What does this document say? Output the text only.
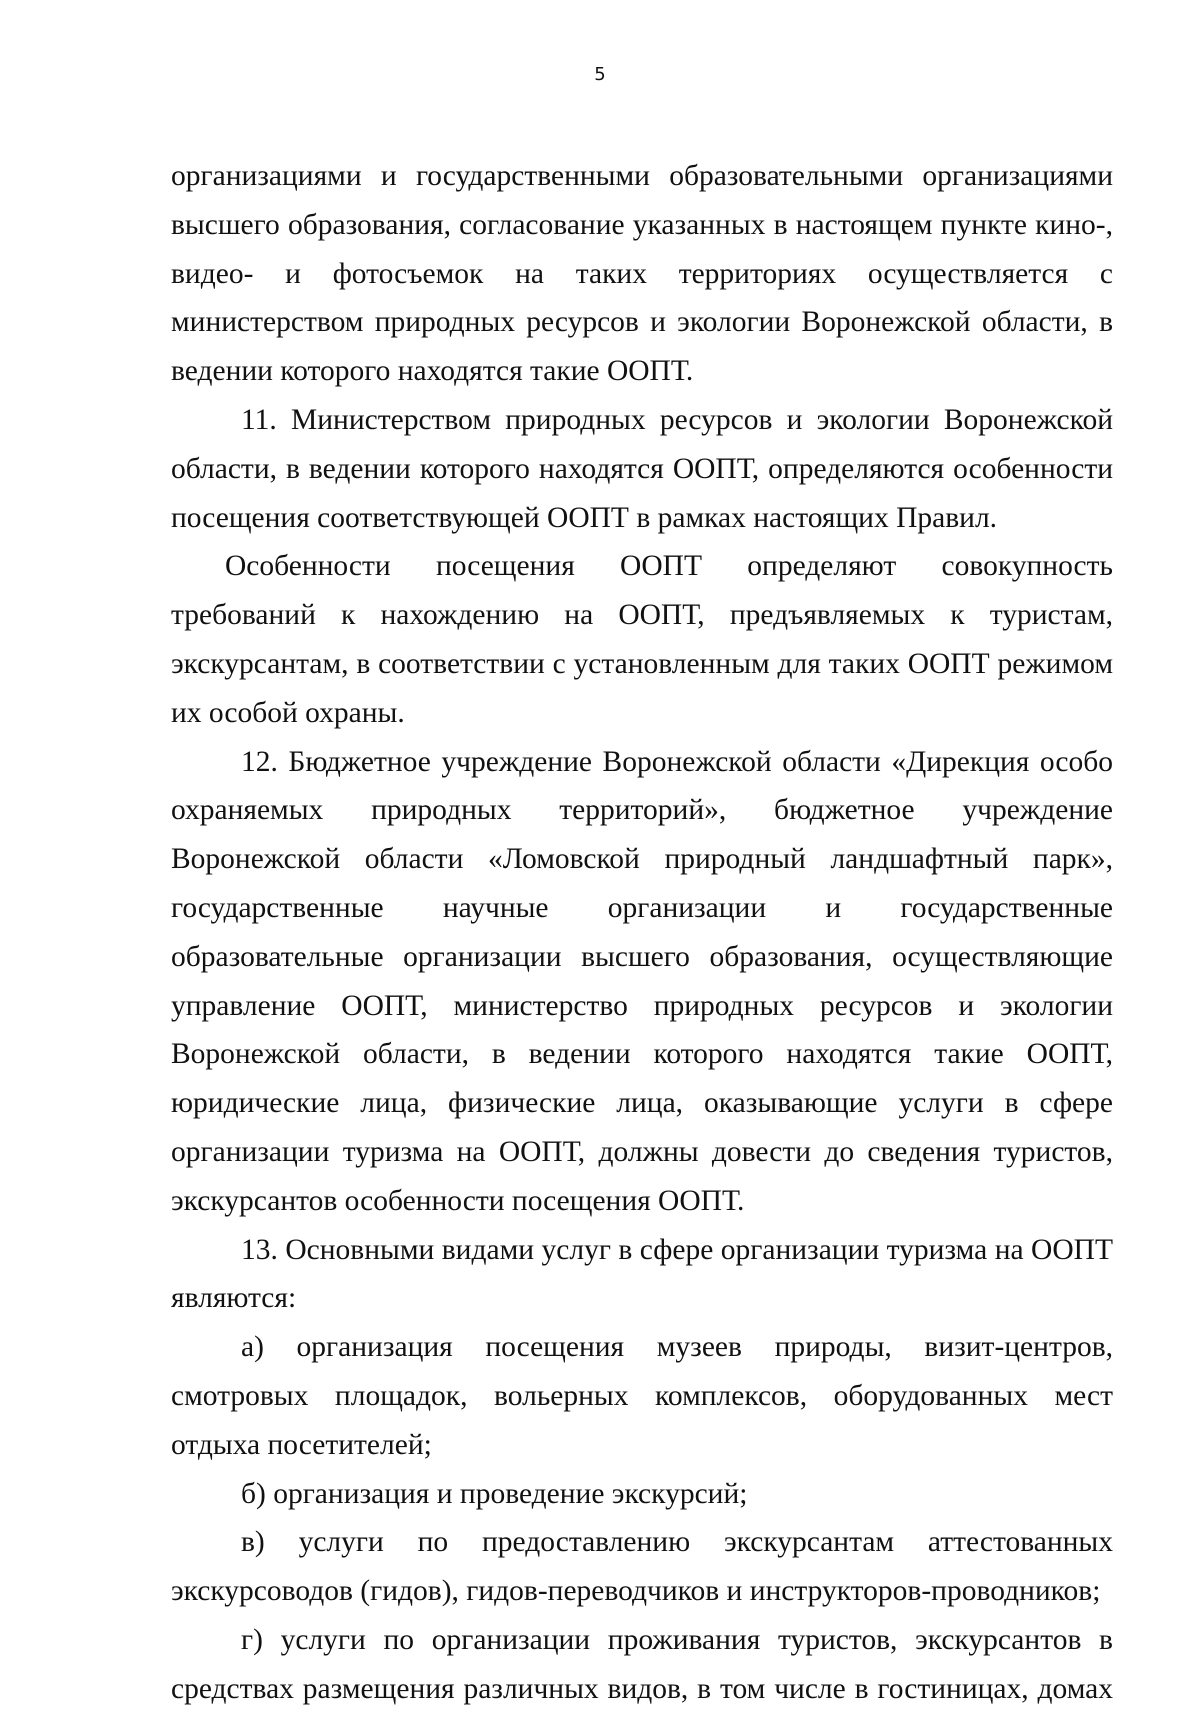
5

организациями и государственными образовательными организациями высшего образования, согласование указанных в настоящем пункте кино-, видео- и фотосъемок на таких территориях осуществляется с министерством природных ресурсов и экологии Воронежской области, в ведении которого находятся такие ООПТ.

11. Министерством природных ресурсов и экологии Воронежской области, в ведении которого находятся ООПТ, определяются особенности посещения соответствующей ООПТ в рамках настоящих Правил.

Особенности посещения ООПТ определяют совокупность требований к нахождению на ООПТ, предъявляемых к туристам, экскурсантам, в соответствии с установленным для таких ООПТ режимом их особой охраны.

12. Бюджетное учреждение Воронежской области «Дирекция особо охраняемых природных территорий», бюджетное учреждение Воронежской области «Ломовской природный ландшафтный парк», государственные научные организации и государственные образовательные организации высшего образования, осуществляющие управление ООПТ, министерство природных ресурсов и экологии Воронежской области, в ведении которого находятся такие ООПТ, юридические лица, физические лица, оказывающие услуги в сфере организации туризма на ООПТ, должны довести до сведения туристов, экскурсантов особенности посещения ООПТ.

13. Основными видами услуг в сфере организации туризма на ООПТ являются:

а) организация посещения музеев природы, визит-центров, смотровых площадок, вольерных комплексов, оборудованных мест отдыха посетителей;

б) организация и проведение экскурсий;

в) услуги по предоставлению экскурсантам аттестованных экскурсоводов (гидов), гидов-переводчиков и инструкторов-проводников;

г) услуги по организации проживания туристов, экскурсантов в средствах размещения различных видов, в том числе в гостиницах, домах
